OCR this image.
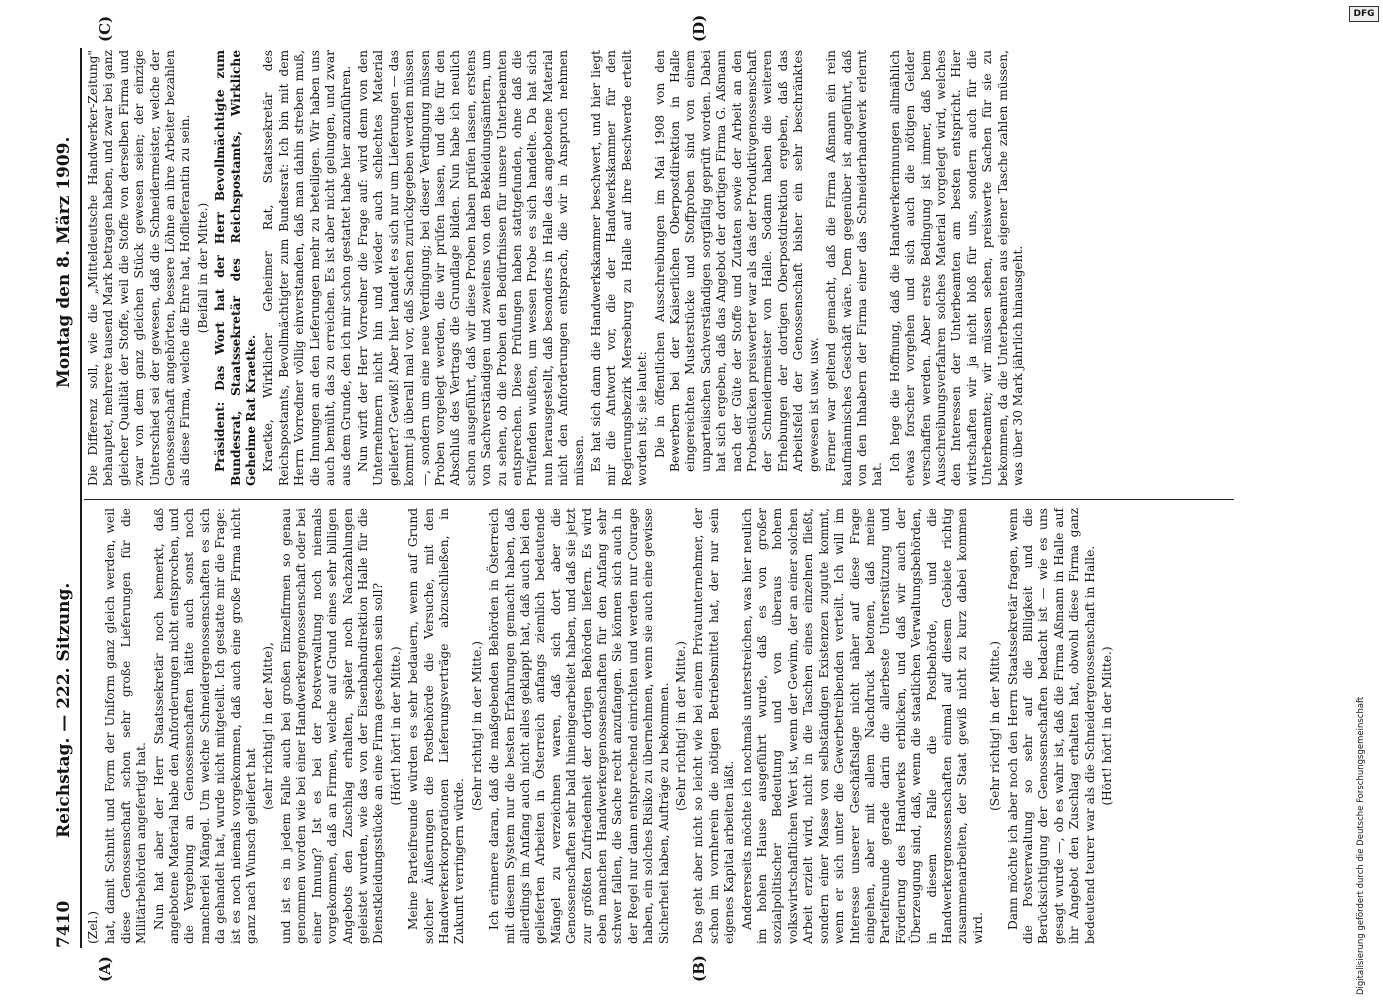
7410
Reichstag. — 222. Sitzung.
Montag den 8. März 1909.
(A)	(B)
(C)	(D)

(Zel.) hat, damit Schnitt und Form der Uniform ganz gleich werden, weil diese Genossenschaft schon sehr große Lieferungen für die Militärbehörden angefertigt hat. Nun hat aber der Herr Staatssekretär noch bemerkt, daß angebotene Material habe den Anforderungen nicht entsprochen, und die Vergebung an Genossenschaften hätte auch sonst noch mancherlei Mängel. Um welche Schneidergenossenschaften es sich da gehandelt hat, wurde nicht mitgeteilt. Ich gestatte mir die Frage: ist es noch niemals vorgekommen, daß auch eine große Firma nicht ganz nach Wunsch geliefert hat

(sehr richtig! in der Mitte), und ist es in jedem Falle auch bei großen Einzelfirmen so genau genommen worden wie bei einer Handwerkergenossenschaft oder bei einer Innung? Ist es bei der Postverwaltung noch niemals vorgekommen, daß an Firmen, welche auf Grund eines sehr billigen Angebots den Zuschlag erhalten, später noch Nachzahlungen geleistet wurden, wie das von der Eisenbahndirektion Halle für die Dienstkleidungsstücke an eine Firma geschehen sein soll? (Hört! hört! in der Mitte.) Meine Parteifreunde würden es sehr bedauern, wenn auf Grund solcher Äußerungen die Postbehörde die Versuche, mit den Handwerkerkorporationen Lieferungsverträge abzuschließen, in Zukunft verringern würde.

(Sehr richtig! in der Mitte.) Ich erinnere daran, daß die maßgebenden Behörden in Österreich mit diesem System nur die besten Erfahrungen gemacht haben, daß allerdings im Anfang auch nicht alles geklappt hat, daß auch bei den gelieferten Arbeiten in Österreich anfangs ziemlich bedeutende Mängel zu verzeichnen waren, daß sich dort aber die Genossenschaften sehr bald hineingearbeitet haben, und daß sie jetzt zur größten Zufriedenheit der dortigen Behörden liefern. Es wird eben manchen Handwerkergenossenschaften für den Anfang sehr schwer fallen, die Sache recht anzufangen. Sie können sich auch in der Regel nur dann entsprechend einrichten und werden nur Courage haben, ein solches Risiko zu übernehmen, wenn sie auch eine gewisse Sicherheit haben, Aufträge zu bekommen. (Sehr richtig! in der Mitte.) Das geht aber nicht so leicht wie bei einem Privatunternehmer, der schon im vornherein die nötigen Betriebsmittel hat, der nur sein eigenes Kapital arbeiten läßt. Andererseits möchte ich nochmals unterstreichen, was hier neulich im hohen Hause ausgeführt wurde, daß es von großer sozialpolitischer Bedeutung und von überaus hohem volkswirtschaftlichen Wert ist, wenn der Gewinn, der an einer solchen Arbeit erzielt wird, nicht in die Taschen eines einzelnen fließt, sondern einer Masse von selbständigen Existenzen zugute kommt, wenn er sich unter die Gewerbetreibenden verteilt. Ich will im Interesse unserer Geschäftslage nicht näher auf diese Frage eingehen, aber mit allem Nachdruck betonen, daß meine Parteifreunde gerade darin die allerbeste Unterstützung und Förderung des Handwerks erblicken, und daß wir auch der Überzeugung sind, daß, wenn die staatlichen Verwaltungsbehörden, in diesem Falle die Postbehörde, und die Handwerkergenossenschaften einmal auf diesem Gebiete richtig zusammenarbeiten, der Staat gewiß nicht zu kurz dabei kommen wird.

(Sehr richtig! in der Mitte.) Dann möchte ich aber noch den Herrn Staatssekretär fragen, wenn die Postverwaltung so sehr auf die Billigkeit und die Berücksichtigung der Genossenschaften bedacht ist — wie es uns gesagt wurde —, ob es wahr ist, daß die Firma Aßmann in Halle auf ihr Angebot den Zuschlag erhalten hat, obwohl diese Firma ganz bedeutend teurer war als die Schneidergenossenschaft in Halle. (Hört! hört! in der Mitte.)

Die Differenz soll, wie die „Mitteldeutsche Handwerker-Zeitung" behauptet, mehrere tausend Mark betragen haben, und zwar bei ganz gleicher Qualität der Stoffe, weil die Stoffe von derselben Firma und zwar von dem ganz gleichen Stück gewesen seien; der einzige Unterschied sei der gewesen, daß die Schneidermeister, welche der Genossenschaft angehörten, bessere Löhne an ihre Arbeiter bezahlen als diese Firma, welche die Ehre hat, Hoflieferantin zu sein. (Beifall in der Mitte.) Präsident: Das Wort hat der Herr Bevollmächtigte zum Bundesrat, Staatssekretär des Reichspostamts, Wirkliche Geheime Rat Kraetke. Kraetke, Wirklicher Geheimer Rat, Staatssekretär des Reichspostamts, Bevollmächtigter zum Bundesrat: Ich bin mit dem Herrn Vorredner völlig einverstanden, daß man dahin streben muß, die Innungen an den Lieferungen mehr zu beteiligen. Wir haben uns auch bemüht, das zu erreichen. Es ist aber nicht gelungen, und zwar aus dem Grunde, den ich mir schon gestattet habe hier anzuführen. Nun wirft der Herr Vorredner die Frage auf: wird denn von den Unternehmern nicht hin und wieder auch schlechtes Material geliefert? Gewiß! Aber hier handelt es sich nur um Lieferungen — das kommt ja überall mal vor, daß Sachen zurückgegeben werden müssen —, sondern um eine neue Verdingung; bei dieser Verdingung müssen Proben vorgelegt werden, die wir prüfen lassen, und die für den Abschluß des Vertrags die Grundlage bilden. Nun habe ich neulich schon ausgeführt, daß wir diese Proben haben prüfen lassen, erstens von Sachverständigen und zweitens von den Bekleidungsämtern, um zu sehen, ob die Proben den Bedürfnissen für unsere Unterbeamten entsprechen. Diese Prüfungen haben stattgefunden, ohne daß die Prüfenden wußten, um wessen Probe es sich handelte. Da hat sich nun herausgestellt, daß besonders in Halle das angebotene Material nicht den Anforderungen entsprach, die wir in Anspruch nehmen müssen. Es hat sich dann die Handwerkskammer beschwert, und hier liegt mir die Antwort vor, die der Handwerkskammer für den Regierungsbezirk Merseburg zu Halle auf ihre Beschwerde erteilt worden ist; sie lautet: Die in öffentlichen Ausschreibungen im Mai 1908 von den Bewerbern bei der Kaiserlichen Oberpostdirektion in Halle eingereichten Musterstücke und Stoffproben sind von einem unparteiischen Sachverständigen sorgfältig geprüft worden. Dabei hat sich ergeben, daß das Angebot der dortigen Firma G. Aßmann nach der Güte der Stoffe und Zutaten sowie der Arbeit an den Probestücken preiswerter war als das der Produktivgenossenschaft der Schneidermeister von Halle. Sodann haben die weiteren Erhebungen der dortigen Oberpostdirektion ergeben, daß das Arbeitsfeld der Genossenschaft bisher ein sehr beschränktes gewesen ist usw. usw. Ferner war geltend gemacht, daß die Firma Aßmann ein rein kaufmännisches Geschäft wäre. Dem gegenüber ist angeführt, daß von den Inhabern der Firma einer das Schneiderhandwerk erlernt hat.

Ich hege die Hoffnung, daß die Handwerkerinnungen allmählich etwas forscher vorgehen und sich auch die nötigen Gelder verschaffen werden. Aber erste Bedingung ist immer, daß beim Ausschreibungsverfahren solches Material vorgelegt wird, welches den Interessen der Unterbeamten am besten entspricht. Hier wirtschaften wir ja nicht bloß für uns, sondern auch für die Unterbeamten; wir müssen sehen, preiswerte Sachen für sie zu bekommen, da die Unterbeamten aus eigener Tasche zahlen müssen, was über 30 Mark jährlich hinausgeht.

DFG
Digitalisierung gefördert durch die Deutsche Forschungsgemeinschaft
